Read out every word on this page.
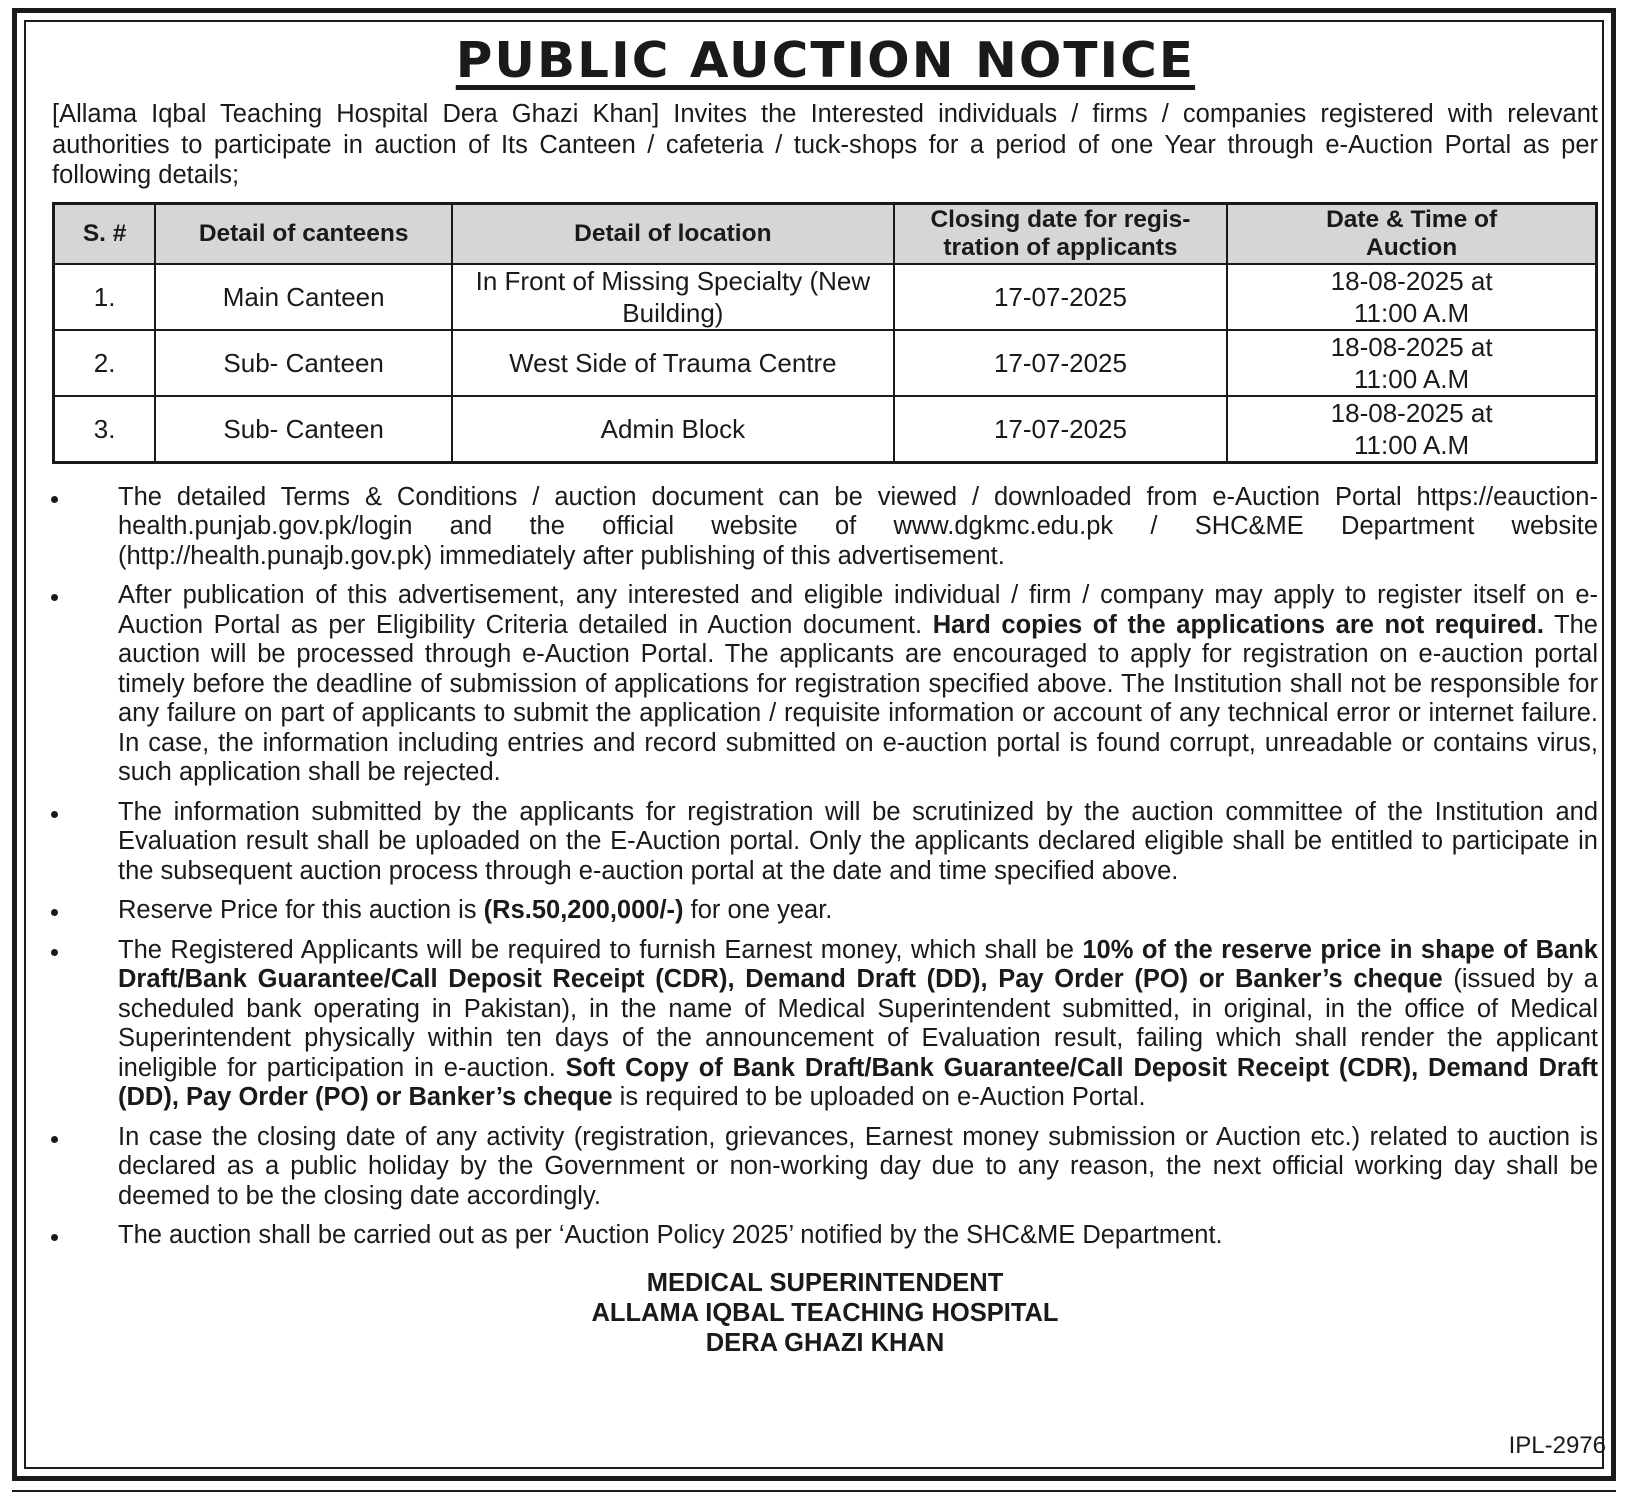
PUBLIC AUCTION NOTICE

[Allama Iqbal Teaching Hospital Dera Ghazi Khan] Invites the Interested individuals / firms / companies registered with relevant authorities to participate in auction of Its Canteen / cafeteria / tuck-shops for a period of one Year through e-Auction Portal as per following details;

S. #	Detail of canteens	Detail of location	Closing date for regis-tration of applicants	Date & Time of Auction
1.	Main Canteen	In Front of Missing Specialty (New Building)	17-07-2025	18-08-2025 at 11:00 A.M
2.	Sub- Canteen	West Side of Trauma Centre	17-07-2025	18-08-2025 at 11:00 A.M
3.	Sub- Canteen	Admin Block	17-07-2025	18-08-2025 at 11:00 A.M
The detailed Terms & Conditions / auction document can be viewed / downloaded from e-Auction Portal https://eauction-health.punjab.gov.pk/login and the official website of www.dgkmc.edu.pk / SHC&ME Department website (http://health.punajb.gov.pk) immediately after publishing of this advertisement.
After publication of this advertisement, any interested and eligible individual / firm / company may apply to register itself on e-Auction Portal as per Eligibility Criteria detailed in Auction document. Hard copies of the applications are not required. The auction will be processed through e-Auction Portal. The applicants are encouraged to apply for registration on e-auction portal timely before the deadline of submission of applications for registration specified above. The Institution shall not be responsible for any failure on part of applicants to submit the application / requisite information or account of any technical error or internet failure. In case, the information including entries and record submitted on e-auction portal is found corrupt, unreadable or contains virus, such application shall be rejected.
The information submitted by the applicants for registration will be scrutinized by the auction committee of the Institution and Evaluation result shall be uploaded on the E-Auction portal. Only the applicants declared eligible shall be entitled to participate in the subsequent auction process through e-auction portal at the date and time specified above.
Reserve Price for this auction is (Rs.50,200,000/-) for one year.
The Registered Applicants will be required to furnish Earnest money, which shall be 10% of the reserve price in shape of Bank Draft/Bank Guarantee/Call Deposit Receipt (CDR), Demand Draft (DD), Pay Order (PO) or Banker’s cheque (issued by a scheduled bank operating in Pakistan), in the name of Medical Superintendent submitted, in original, in the office of Medical Superintendent physically within ten days of the announcement of Evaluation result, failing which shall render the applicant ineligible for participation in e-auction. Soft Copy of Bank Draft/Bank Guarantee/Call Deposit Receipt (CDR), Demand Draft (DD), Pay Order (PO) or Banker’s cheque is required to be uploaded on e-Auction Portal.
In case the closing date of any activity (registration, grievances, Earnest money submission or Auction etc.) related to auction is declared as a public holiday by the Government or non-working day due to any reason, the next official working day shall be deemed to be the closing date accordingly.
The auction shall be carried out as per ‘Auction Policy 2025’ notified by the SHC&ME Department.
MEDICAL SUPERINTENDENT
ALLAMA IQBAL TEACHING HOSPITAL
DERA GHAZI KHAN
IPL-2976
